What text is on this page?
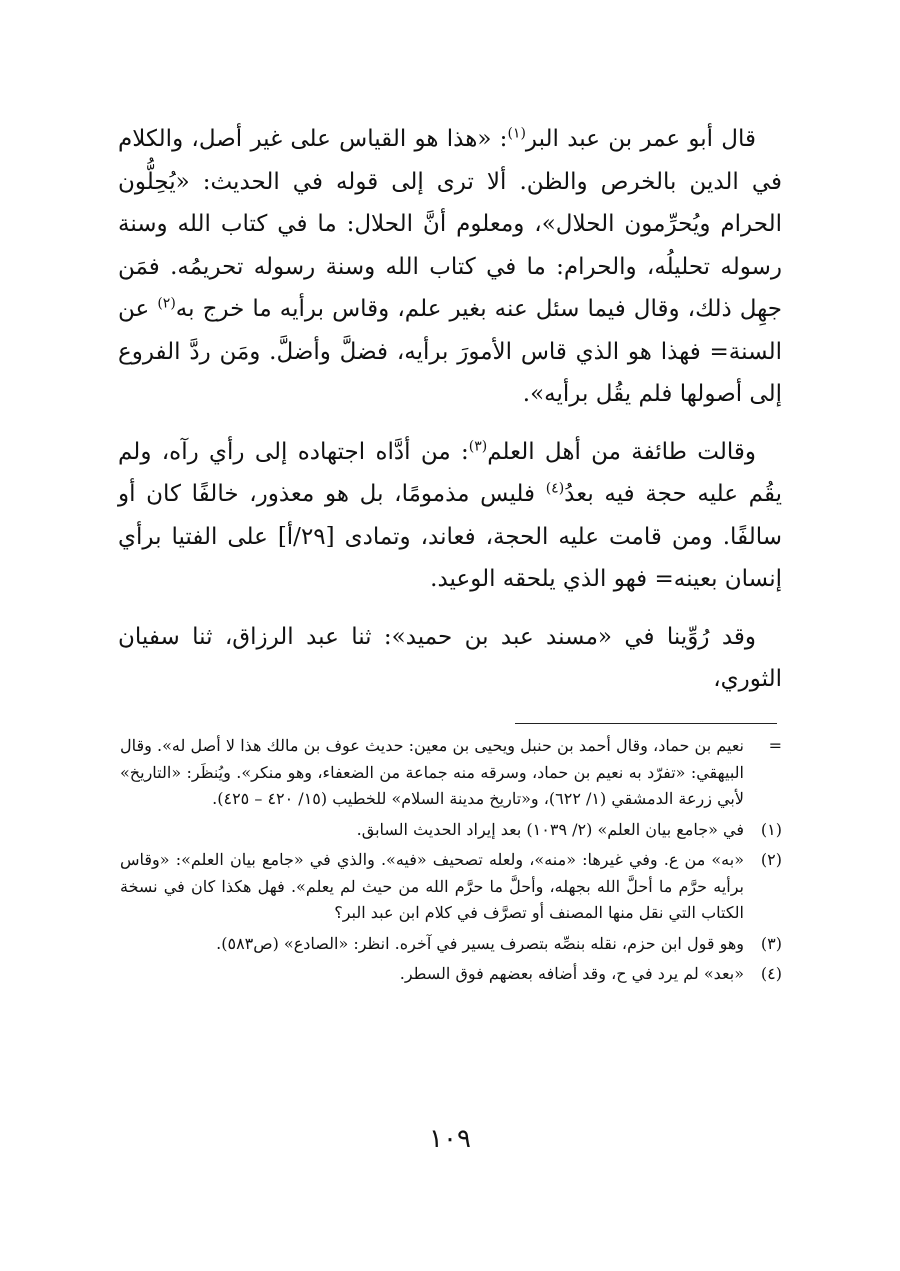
قال أبو عمر بن عبد البر$^{(١)}$: «هذا هو القياس على غير أصل، والكلام في الدين بالخرص والظن. ألا ترى إلى قوله في الحديث: «يُحِلُّون الحرام ويُحرِّمون الحلال»، ومعلوم أنَّ الحلال: ما في كتاب الله وسنة رسوله تحليلُه، والحرام: ما في كتاب الله وسنة رسوله تحريمُه. فمَن جهِل ذلك، وقال فيما سئل عنه بغير علم، وقاس برأيه ما خرج به$^{(٢)}$ عن السنة= فهذا هو الذي قاس الأمورَ برأيه، فضلَّ وأضلَّ. ومَن ردَّ الفروع إلى أصولها فلم يقُل برأيه».

وقالت طائفة من أهل العلم$^{(٣)}$: من أدَّاه اجتهاده إلى رأي رآه، ولم يقُم عليه حجة فيه بعدُ$^{(٤)}$ فليس مذمومًا، بل هو معذور، خالفًا كان أو سالفًا. ومن قامت عليه الحجة، فعاند، وتمادى [٢٩/أ] على الفتيا برأي إنسان بعينه= فهو الذي يلحقه الوعيد.

وقد رُوِّينا في «مسند عبد بن حميد»: ثنا عبد الرزاق، ثنا سفيان الثوري،

=
نعيم بن حماد، وقال أحمد بن حنبل ويحيى بن معين: حديث عوف بن مالك هذا لا أصل له». وقال البيهقي: «تفرّد به نعيم بن حماد، وسرقه منه جماعة من الضعفاء، وهو منكر». ويُنظَر: «التاريخ» لأبي زرعة الدمشقي (١/ ٦٢٢)، و«تاريخ مدينة السلام» للخطيب (١٥/ ٤٢٠ – ٤٢٥).
(١)
في «جامع بيان العلم» (٢/ ١٠٣٩) بعد إيراد الحديث السابق.
(٢)
«به» من ع. وفي غيرها: «منه»، ولعله تصحيف «فيه». والذي في «جامع بيان العلم»: «وقاس برأيه حرَّم ما أحلَّ الله بجهله، وأحلَّ ما حرَّم الله من حيث لم يعلم». فهل هكذا كان في نسخة الكتاب التي نقل منها المصنف أو تصرَّف في كلام ابن عبد البر؟
(٣)
وهو قول ابن حزم، نقله بنصِّه بتصرف يسير في آخره. انظر: «الصادع» (ص٥٨٣).
(٤)
«بعد» لم يرد في ح، وقد أضافه بعضهم فوق السطر.
١٠٩
